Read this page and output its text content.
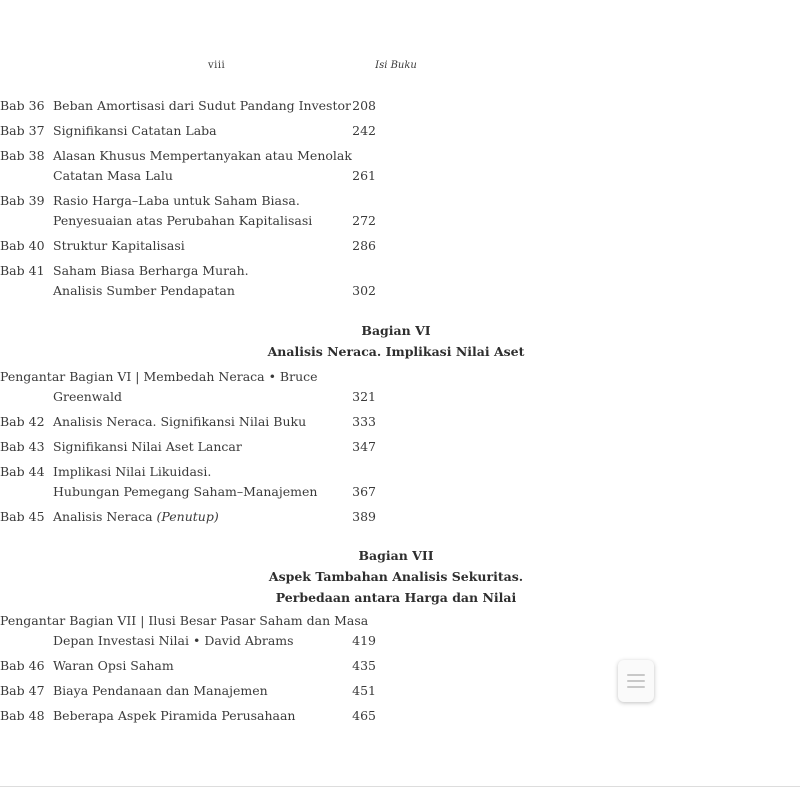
viii	Isi Buku
Bab 36 Beban Amortisasi dari Sudut Pandang Investor 208
Bab 37 Signifikansi Catatan Laba	242
Bab 38 Alasan Khusus Mempertanyakan atau Menolak
Catatan Masa Lalu	261
Bab 39 Rasio Harga–Laba untuk Saham Biasa.
Penyesuaian atas Perubahan Kapitalisasi	272
Bab 40 Struktur Kapitalisasi	286
Bab 41 Saham Biasa Berharga Murah.
Analisis Sumber Pendapatan	302
Bagian VI
Analisis Neraca. Implikasi Nilai Aset
Pengantar Bagian VI | Membedah Neraca • Bruce
Greenwald	321
Bab 42 Analisis Neraca. Signifikansi Nilai Buku	333
Bab 43 Signifikansi Nilai Aset Lancar	347
Bab 44 Implikasi Nilai Likuidasi.
Hubungan Pemegang Saham–Manajemen	367
Bab 45 Analisis Neraca (Penutup)	389
Bagian VII
Aspek Tambahan Analisis Sekuritas.
Perbedaan antara Harga dan Nilai
Pengantar Bagian VII | Ilusi Besar Pasar Saham dan Masa
Depan Investasi Nilai • David Abrams	419
Bab 46 Waran Opsi Saham	435
Bab 47 Biaya Pendanaan dan Manajemen	451
Bab 48 Beberapa Aspek Piramida Perusahaan	465
